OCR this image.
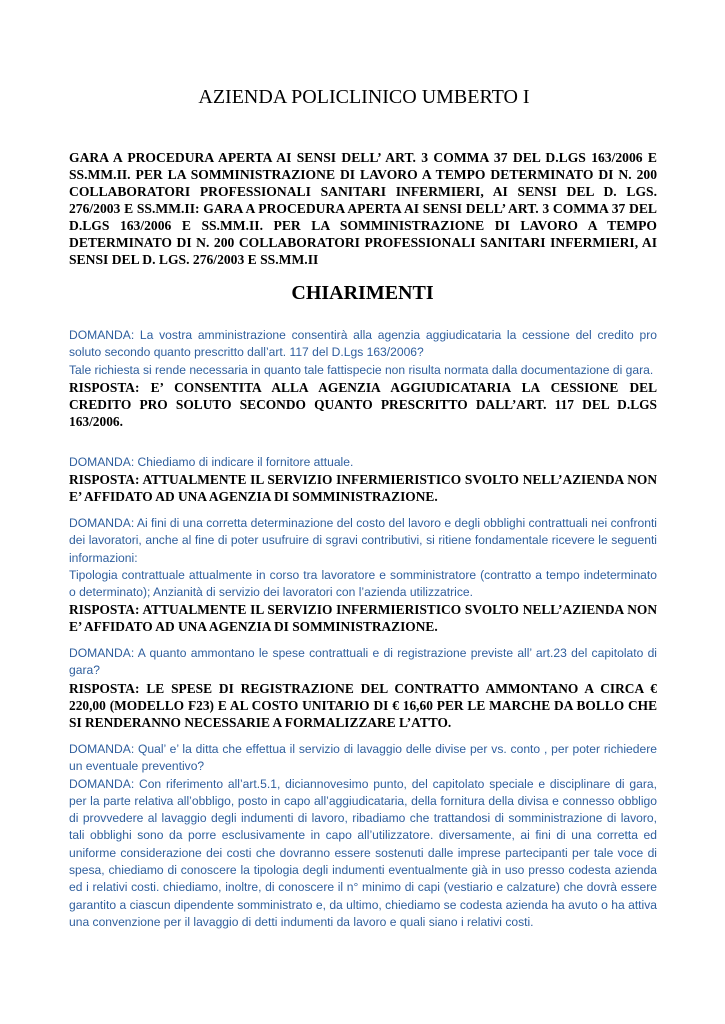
AZIENDA POLICLINICO UMBERTO I
GARA A PROCEDURA APERTA AI SENSI DELL’ ART. 3 COMMA 37 DEL D.LGS 163/2006 E SS.MM.II. PER LA SOMMINISTRAZIONE DI LAVORO A TEMPO DETERMINATO DI N. 200 COLLABORATORI PROFESSIONALI SANITARI INFERMIERI, AI SENSI DEL D. LGS. 276/2003 E SS.MM.II: GARA A PROCEDURA APERTA AI SENSI DELL’ ART. 3 COMMA 37 DEL D.LGS 163/2006 E SS.MM.II. PER LA SOMMINISTRAZIONE DI LAVORO A TEMPO DETERMINATO DI N. 200 COLLABORATORI PROFESSIONALI SANITARI INFERMIERI, AI SENSI DEL D. LGS. 276/2003 E SS.MM.II
CHIARIMENTI
DOMANDA: La vostra amministrazione consentirà alla agenzia aggiudicataria la cessione del credito pro soluto secondo quanto prescritto dall’art. 117 del D.Lgs 163/2006?
Tale richiesta si rende necessaria in quanto tale fattispecie non risulta normata dalla documentazione di gara.
RISPOSTA: E’ CONSENTITA ALLA AGENZIA AGGIUDICATARIA LA CESSIONE DEL CREDITO PRO SOLUTO SECONDO QUANTO PRESCRITTO DALL’ART. 117 DEL D.LGS 163/2006.
DOMANDA: Chiediamo di indicare il fornitore attuale.
RISPOSTA: ATTUALMENTE IL SERVIZIO INFERMIERISTICO SVOLTO NELL’AZIENDA NON E’ AFFIDATO AD UNA AGENZIA DI SOMMINISTRAZIONE.
DOMANDA: Ai fini di una corretta determinazione del costo del lavoro e degli obblighi contrattuali nei confronti dei lavoratori, anche al fine di poter usufruire di sgravi contributivi, si ritiene fondamentale ricevere le seguenti informazioni:
Tipologia contrattuale attualmente in corso tra lavoratore e somministratore (contratto a tempo indeterminato o determinato); Anzianità di servizio dei lavoratori con l’azienda utilizzatrice.
RISPOSTA: ATTUALMENTE IL SERVIZIO INFERMIERISTICO SVOLTO NELL’AZIENDA NON E’ AFFIDATO AD UNA AGENZIA DI SOMMINISTRAZIONE.
DOMANDA: A quanto ammontano le spese contrattuali e di registrazione previste all’ art.23 del capitolato di gara?
RISPOSTA: LE SPESE DI REGISTRAZIONE DEL CONTRATTO AMMONTANO A CIRCA € 220,00 (MODELLO F23) E AL COSTO UNITARIO DI € 16,60 PER LE MARCHE DA BOLLO CHE SI RENDERANNO NECESSARIE A FORMALIZZARE L’ATTO.
DOMANDA: Qual’ e’ la ditta che effettua il servizio di lavaggio delle divise per vs. conto , per poter richiedere un eventuale preventivo?
DOMANDA: Con riferimento all’art.5.1, diciannovesimo punto, del capitolato speciale e disciplinare di gara, per la parte relativa all’obbligo, posto in capo all’aggiudicataria, della fornitura della divisa e connesso obbligo di provvedere al lavaggio degli indumenti di lavoro, ribadiamo che trattandosi di somministrazione di lavoro, tali obblighi sono da porre esclusivamente in capo all’utilizzatore. diversamente, ai fini di una corretta ed uniforme considerazione dei costi che dovranno essere sostenuti dalle imprese partecipanti per tale voce di spesa, chiediamo di conoscere la tipologia degli indumenti eventualmente già in uso presso codesta azienda ed i relativi costi. chiediamo, inoltre, di conoscere il n° minimo di capi (vestiario e calzature) che dovrà essere garantito a ciascun dipendente somministrato e, da ultimo, chiediamo se codesta azienda ha avuto o ha attiva una convenzione per il lavaggio di detti indumenti da lavoro e quali siano i relativi costi.
